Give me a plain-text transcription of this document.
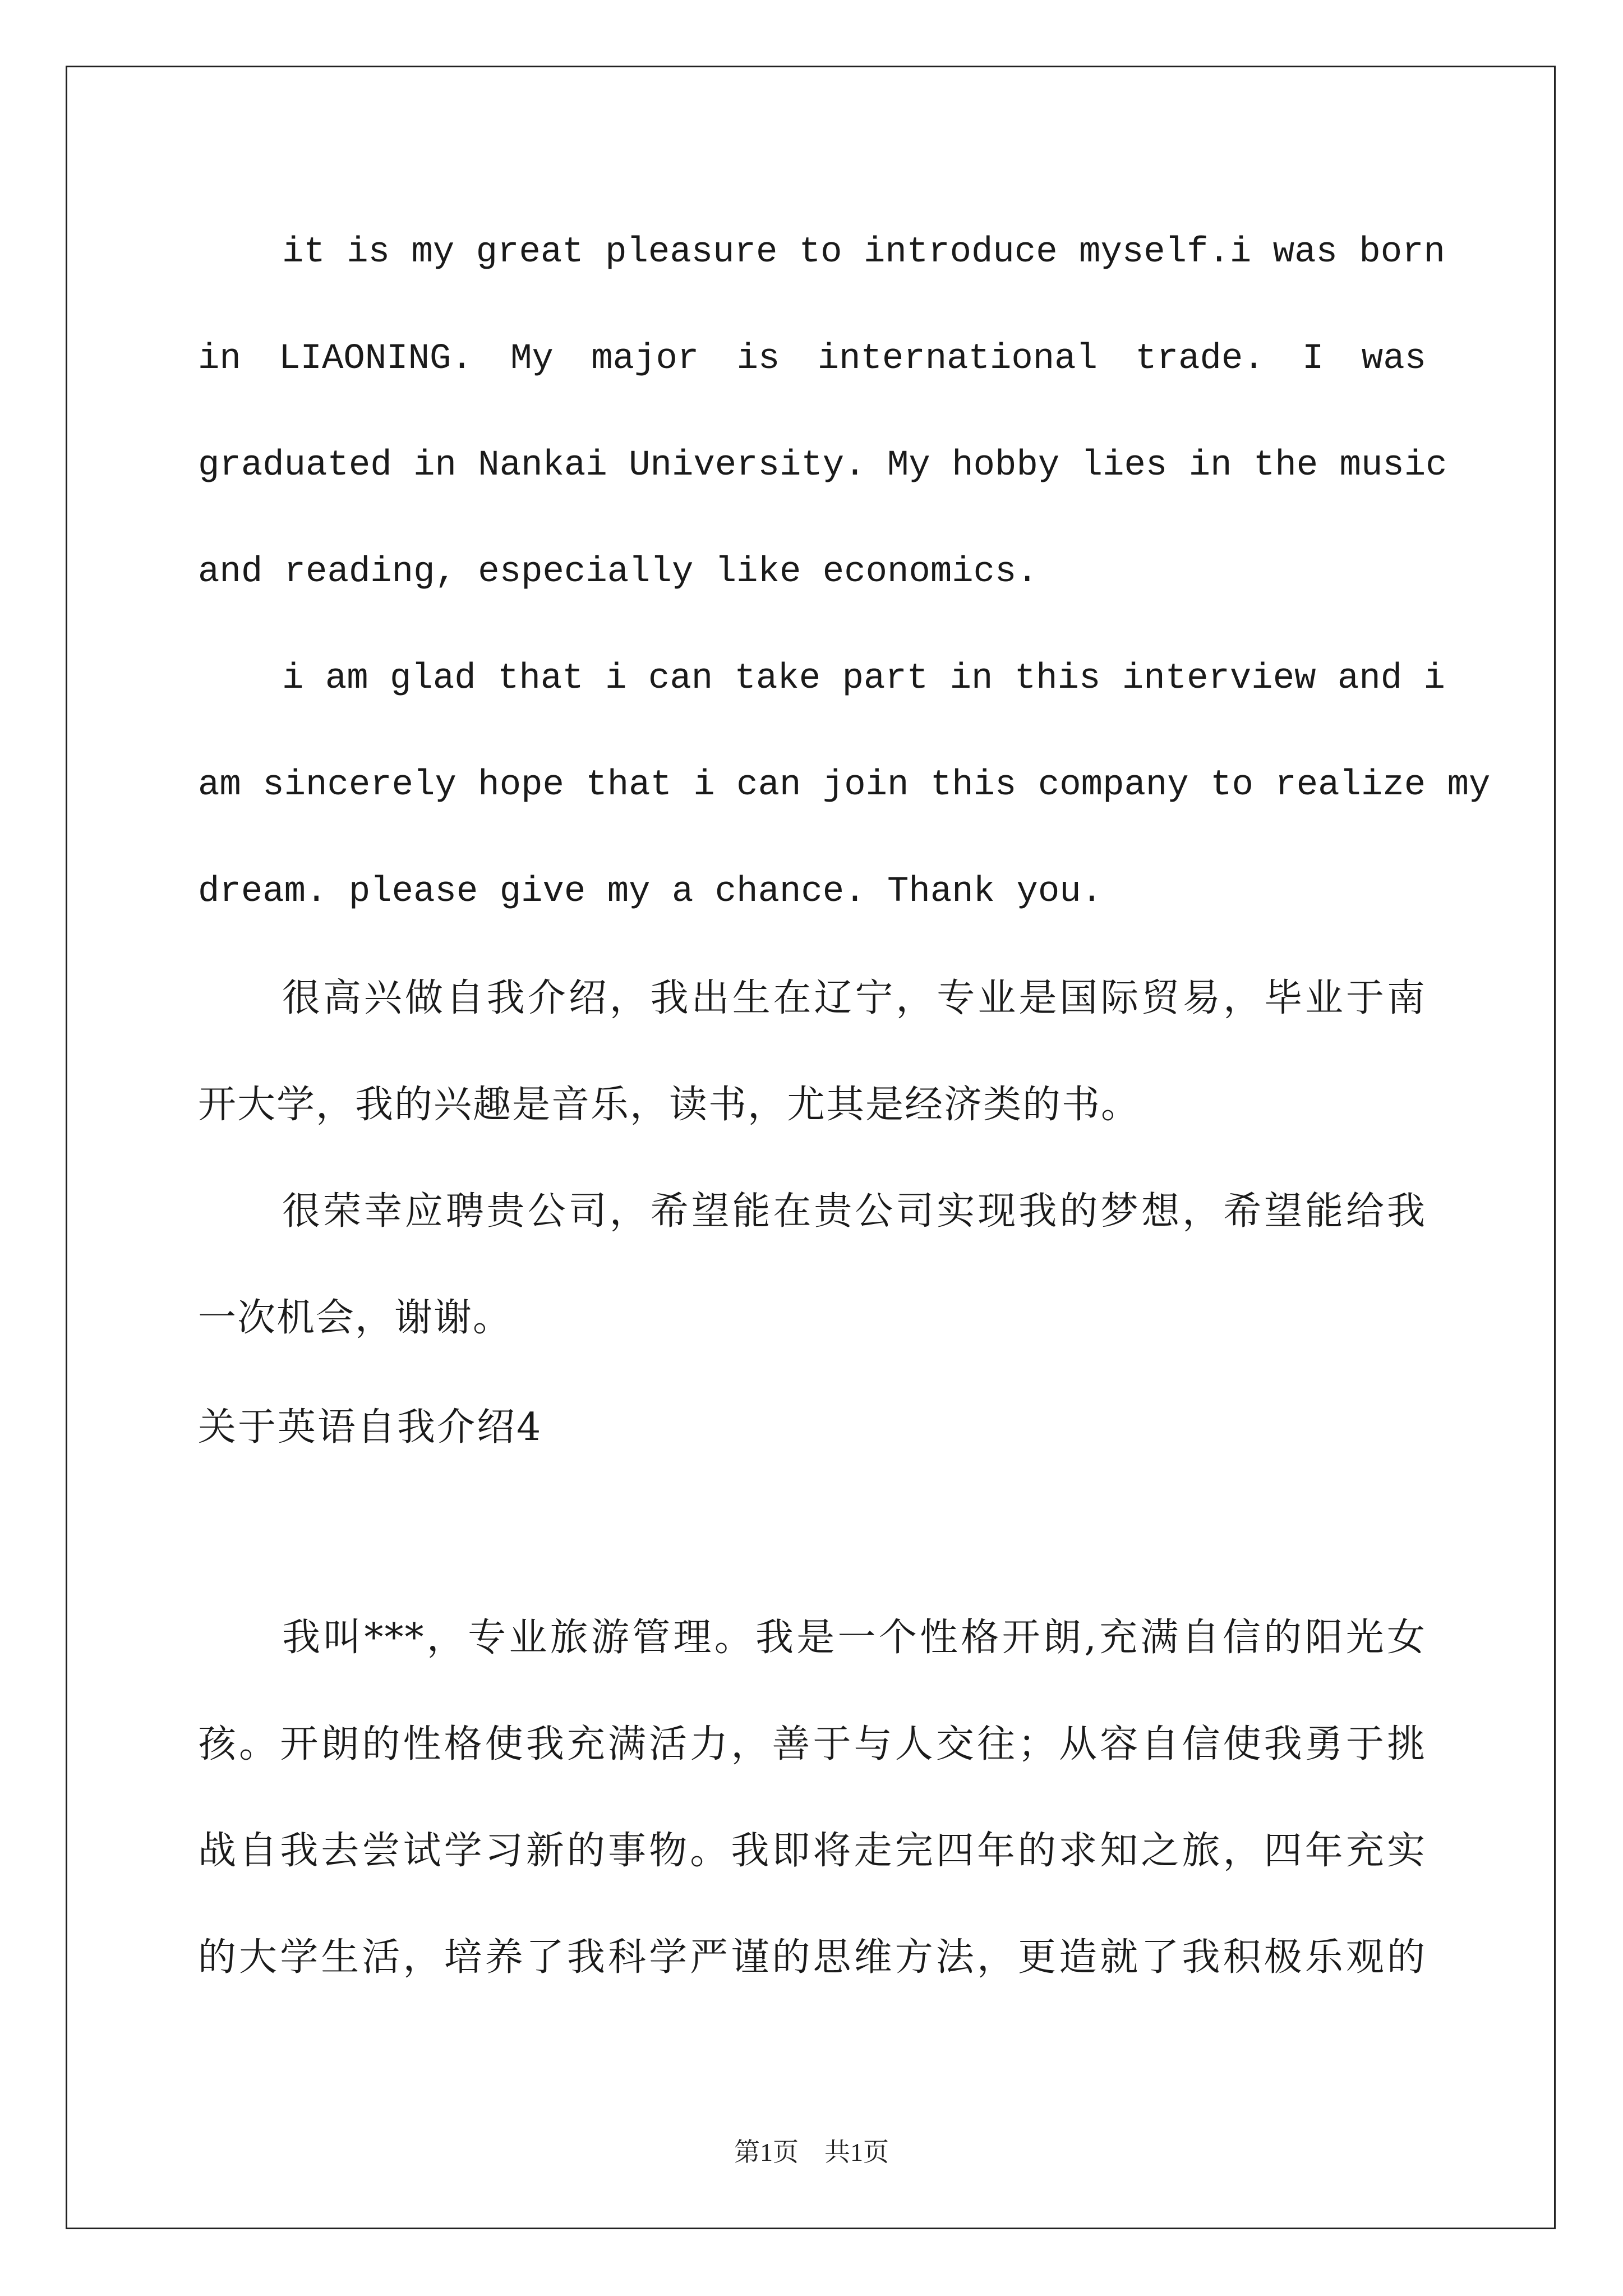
it is my great pleasure to introduce myself.i was born
in LIAONING. My major is international trade. I was
graduated in Nankai University. My hobby lies in the music
and reading, especially like economics.
i am glad that i can take part in this interview and i
am sincerely hope that i can join this company to realize my
dream. please give my a chance. Thank you.
很高兴做自我介绍，我出生在辽宁，专业是国际贸易，毕业于南
开大学，我的兴趣是音乐，读书，尤其是经济类的书。
很荣幸应聘贵公司，希望能在贵公司实现我的梦想，希望能给我
一次机会，谢谢。
关于英语自我介绍4
我叫***，专业旅游管理。我是一个性格开朗,充满自信的阳光女
孩。开朗的性格使我充满活力，善于与人交往；从容自信使我勇于挑
战自我去尝试学习新的事物。我即将走完四年的求知之旅，四年充实
的大学生活，培养了我科学严谨的思维方法，更造就了我积极乐观的
第1页　共1页
